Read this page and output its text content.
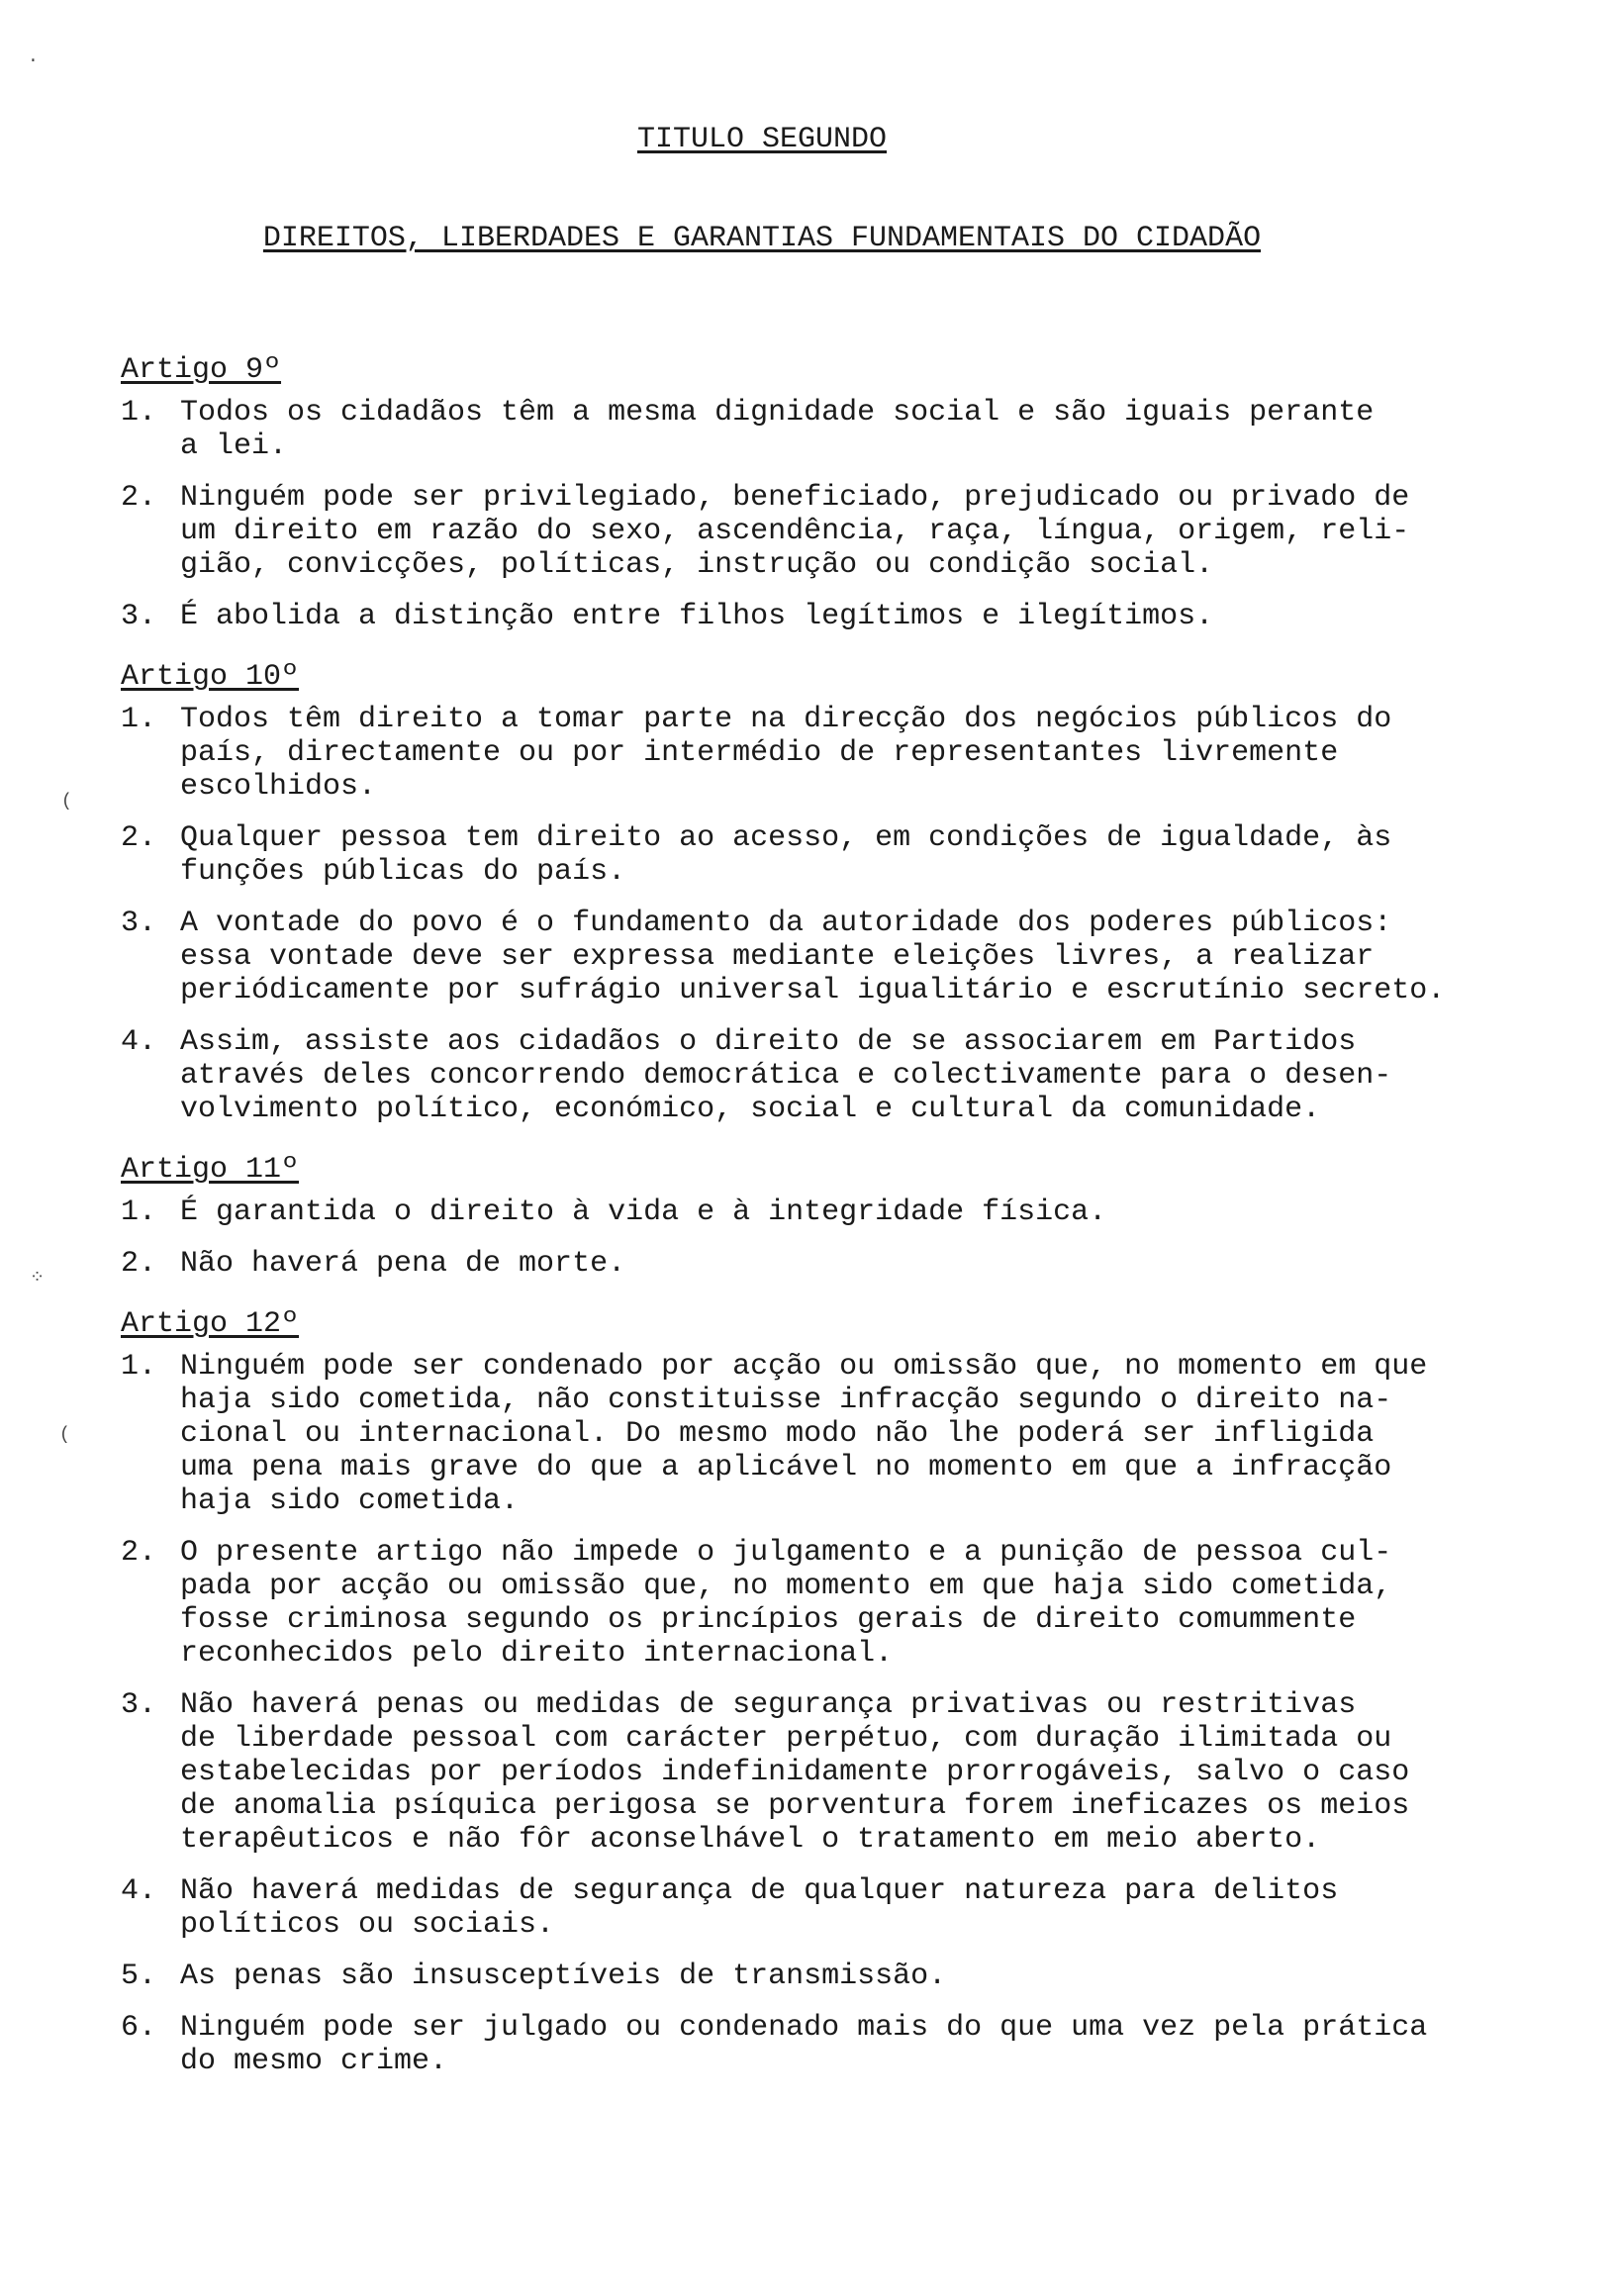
TITULO SEGUNDO
DIREITOS, LIBERDADES E GARANTIAS FUNDAMENTAIS DO CIDADÃO
Artigo 9º
1. Todos os cidadãos têm a mesma dignidade social e são iguais perante
a lei.
2. Ninguém pode ser privilegiado, beneficiado, prejudicado ou privado de
um direito em razão do sexo, ascendência, raça, língua, origem, reli-
gião, convicções, políticas, instrução ou condição social.
3. É abolida a distinção entre filhos legítimos e ilegítimos.
Artigo 10º
1. Todos têm direito a tomar parte na direcção dos negócios públicos do
país, directamente ou por intermédio de representantes livremente
escolhidos.
2. Qualquer pessoa tem direito ao acesso, em condições de igualdade, às
funções públicas do país.
3. A vontade do povo é o fundamento da autoridade dos poderes públicos:
essa vontade deve ser expressa mediante eleições livres, a realizar
periódicamente por sufrágio universal igualitário e escrutínio secreto.
4. Assim, assiste aos cidadãos o direito de se associarem em Partidos
através deles concorrendo democrática e colectivamente para o desen-
volvimento político, económico, social e cultural da comunidade.
Artigo 11º
1. É garantida o direito à vida e à integridade física.
2. Não haverá pena de morte.
Artigo 12º
1. Ninguém pode ser condenado por acção ou omissão que, no momento em que
haja sido cometida, não constituisse infracção segundo o direito na-
cional ou internacional. Do mesmo modo não lhe poderá ser infligida
uma pena mais grave do que a aplicável no momento em que a infracção
haja sido cometida.
2. O presente artigo não impede o julgamento e a punição de pessoa cul-
pada por acção ou omissão que, no momento em que haja sido cometida,
fosse criminosa segundo os princípios gerais de direito comummente
reconhecidos pelo direito internacional.
3. Não haverá penas ou medidas de segurança privativas ou restritivas
de liberdade pessoal com carácter perpétuo, com duração ilimitada ou
estabelecidas por períodos indefinidamente prorrogáveis, salvo o caso
de anomalia psíquica perigosa se porventura forem ineficazes os meios
terapêuticos e não fôr aconselhável o tratamento em meio aberto.
4. Não haverá medidas de segurança de qualquer natureza para delitos
políticos ou sociais.
5. As penas são insusceptíveis de transmissão.
6. Ninguém pode ser julgado ou condenado mais do que uma vez pela prática
do mesmo crime.
·
(
⁘
(
